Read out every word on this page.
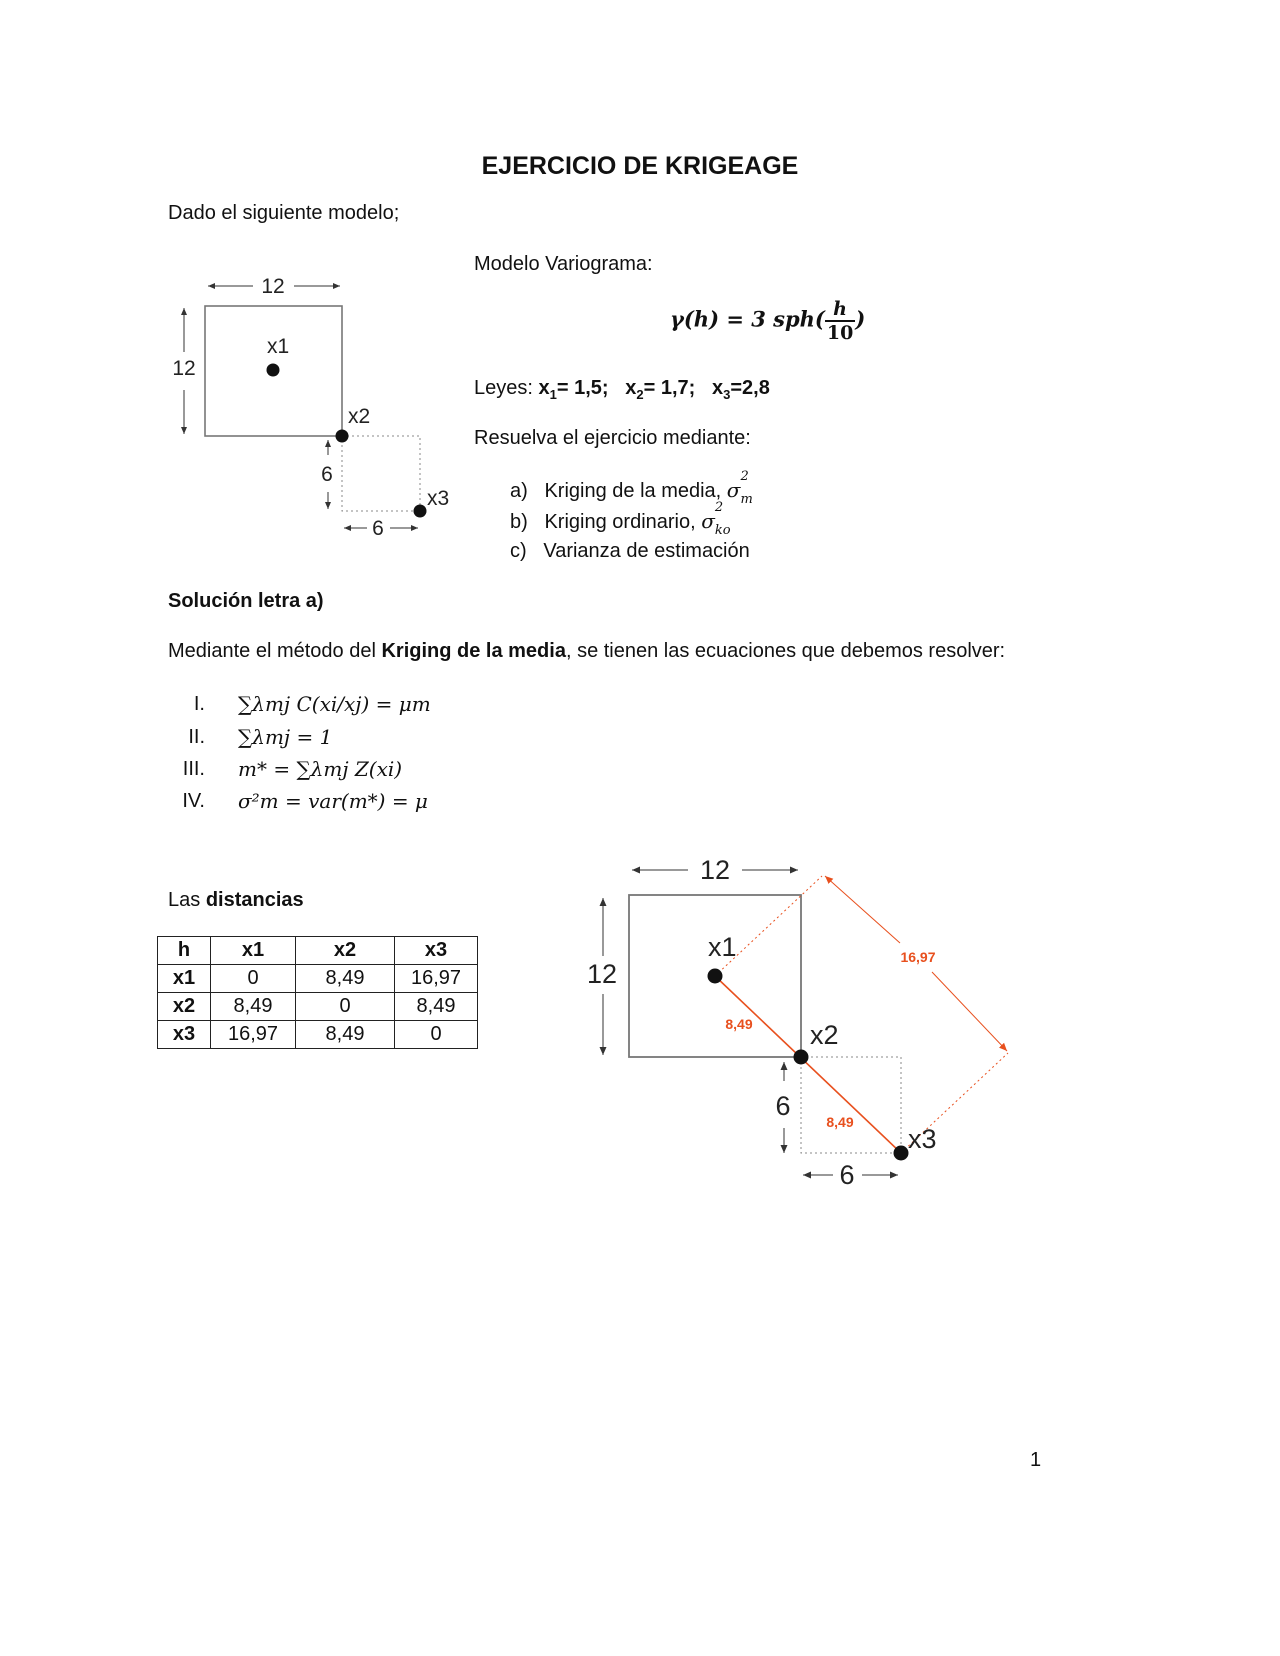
EJERCICIO DE KRIGEAGE
Dado el siguiente modelo;
12
12
6
6
x1
x2
x3
Modelo Variograma:
γ(h) = 3 $sph( \frac{h}{10}$ )
Leyes: $x_1= 1,5$; $x_2= 1,7$; $x_3=2,8$
Resuelva el ejercicio mediante:
a) Kriging de la media, σ
2
$_m$
b) Kriging ordinario, σ
2
$_{ko}$
c) Varianza de estimación
Solución letra a)
Mediante el método del Kriging de la media, se tienen las ecuaciones que debemos resolver:
I. ∑λmj C(xi/xj) = μm
II. ∑λmj = 1
III. m* = ∑λmj Z(xi)
IV. σ²m = var(m*) = μ
Las distancias
h	x1	x2	x3
x1	0	8,49	16,97
x2	8,49	0	8,49
x3	16,97	8,49	0
12
12
6
6
16,97
8,49
8,49
x1
x2
x3
1
